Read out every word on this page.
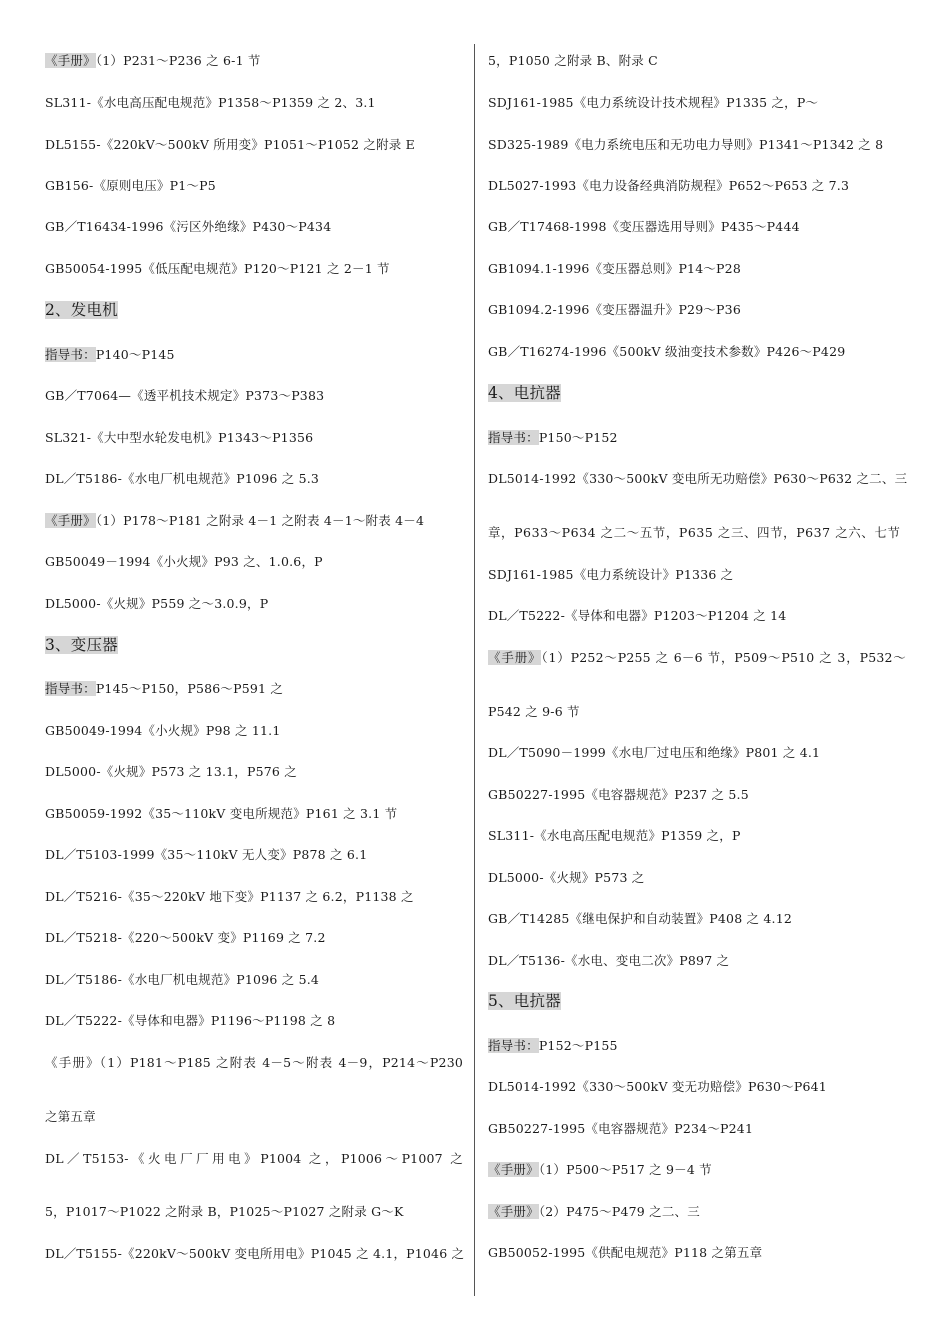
《手册》（1）P231～P236 之 6-1 节
SL311-《水电高压配电规范》P1358～P1359 之 2、3.1
DL5155-《220kV～500kV 所用变》P1051～P1052 之附录 E
GB156-《原则电压》P1～P5
GB／T16434-1996《污区外绝缘》P430～P434
GB50054-1995《低压配电规范》P120～P121 之 2－1 节
2、发电机
指导书：P140～P145
GB／T7064—《透平机技术规定》P373～P383
SL321-《大中型水轮发电机》P1343～P1356
DL／T5186-《水电厂机电规范》P1096 之 5.3
《手册》（1）P178～P181 之附录 4－1 之附表 4－1～附表 4－4
GB50049－1994《小火规》P93 之、1.0.6，P
DL5000-《火规》P559 之～3.0.9，P
3、变压器
指导书：P145～P150，P586～P591 之
GB50049-1994《小火规》P98 之 11.1
DL5000-《火规》P573 之 13.1，P576 之
GB50059-1992《35～110kV 变电所规范》P161 之 3.1 节
DL／T5103-1999《35～110kV 无人变》P878 之 6.1
DL／T5216-《35～220kV 地下变》P1137 之 6.2，P1138 之
DL／T5218-《220～500kV 变》P1169 之 7.2
DL／T5186-《水电厂机电规范》P1096 之 5.4
DL／T5222-《导体和电器》P1196～P1198 之 8
《手册》（1）P181～P185 之附表 4－5～附表 4－9，P214～P230
之第五章
DL／T5153-《火电厂厂用电》P1004 之，P1006～P1007 之
5，P1017～P1022 之附录 B，P1025～P1027 之附录 G～K
DL／T5155-《220kV～500kV 变电所用电》P1045 之 4.1，P1046 之
5，P1050 之附录 B、附录 C
SDJ161-1985《电力系统设计技术规程》P1335 之，P～
SD325-1989《电力系统电压和无功电力导则》P1341～P1342 之 8
DL5027-1993《电力设备经典消防规程》P652～P653 之 7.3
GB／T17468-1998《变压器选用导则》P435～P444
GB1094.1-1996《变压器总则》P14～P28
GB1094.2-1996《变压器温升》P29～P36
GB／T16274-1996《500kV 级油变技术参数》P426～P429
4、电抗器
指导书：P150～P152
DL5014-1992《330～500kV 变电所无功赔偿》P630～P632 之二、三
章，P633～P634 之二～五节，P635 之三、四节，P637 之六、七节
SDJ161-1985《电力系统设计》P1336 之
DL／T5222-《导体和电器》P1203～P1204 之 14
《手册》（1）P252～P255 之 6－6 节，P509～P510 之 3，P532～
P542 之 9-6 节
DL／T5090－1999《水电厂过电压和绝缘》P801 之 4.1
GB50227-1995《电容器规范》P237 之 5.5
SL311-《水电高压配电规范》P1359 之，P
DL5000-《火规》P573 之
GB／T14285《继电保护和自动装置》P408 之 4.12
DL／T5136-《水电、变电二次》P897 之
5、电抗器
指导书：P152～P155
DL5014-1992《330～500kV 变无功赔偿》P630～P641
GB50227-1995《电容器规范》P234～P241
《手册》（1）P500～P517 之 9－4 节
《手册》（2）P475～P479 之二、三
GB50052-1995《供配电规范》P118 之第五章
